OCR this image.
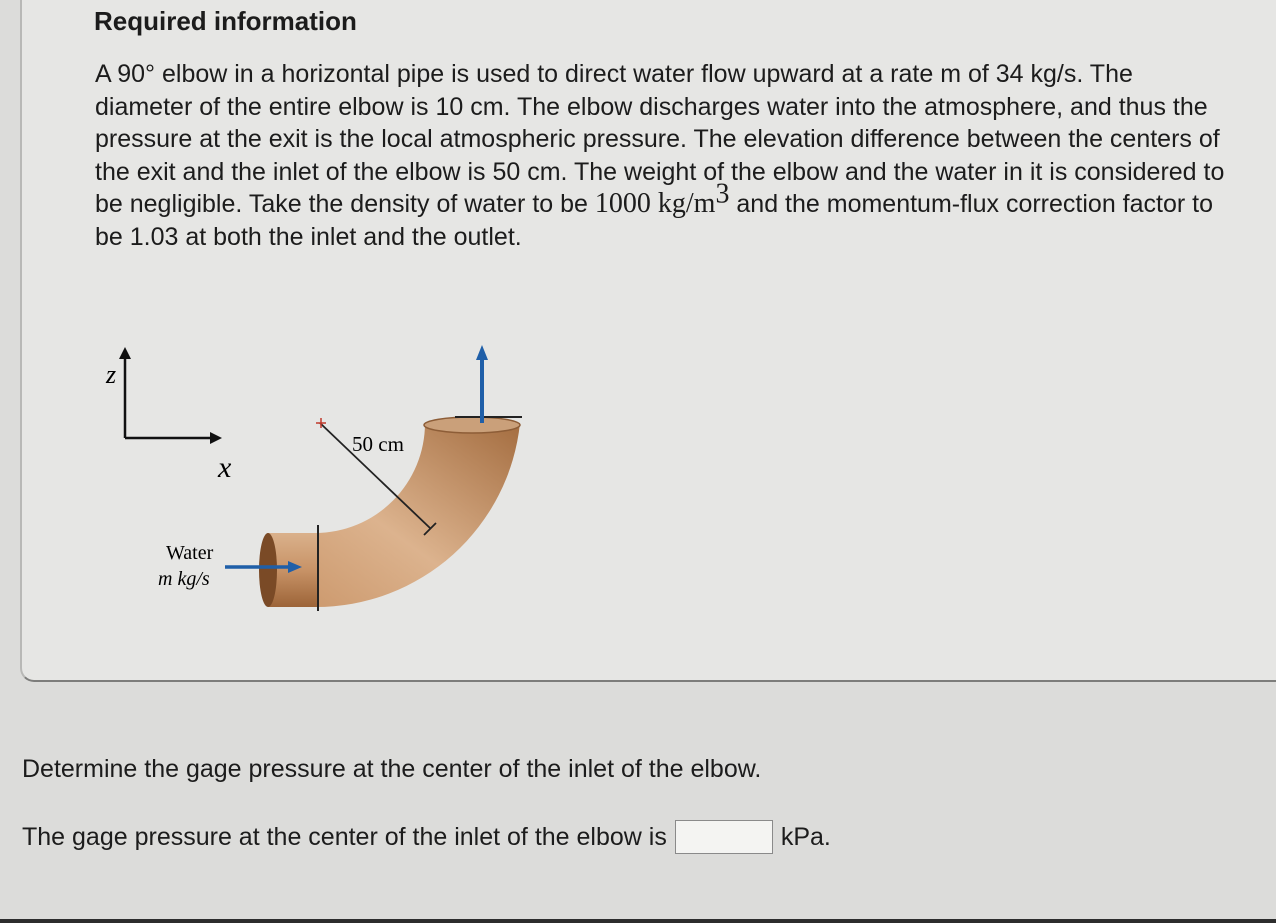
Required information

A 90° elbow in a horizontal pipe is used to direct water flow upward at a rate m of 34 kg/s. The diameter of the entire elbow is 10 cm. The elbow discharges water into the atmosphere, and thus the pressure at the exit is the local atmospheric pressure. The elevation difference between the centers of the exit and the inlet of the elbow is 50 cm. The weight of the elbow and the water in it is considered to be negligible. Take the density of water to be 1000 $kg/m^3$ and the momentum-flux correction factor to be 1.03 at both the inlet and the outlet.

z
x
50 cm
Water
m kg/s

Determine the gage pressure at the center of the inlet of the elbow.

The gage pressure at the center of the inlet of the elbow is	kPa.
